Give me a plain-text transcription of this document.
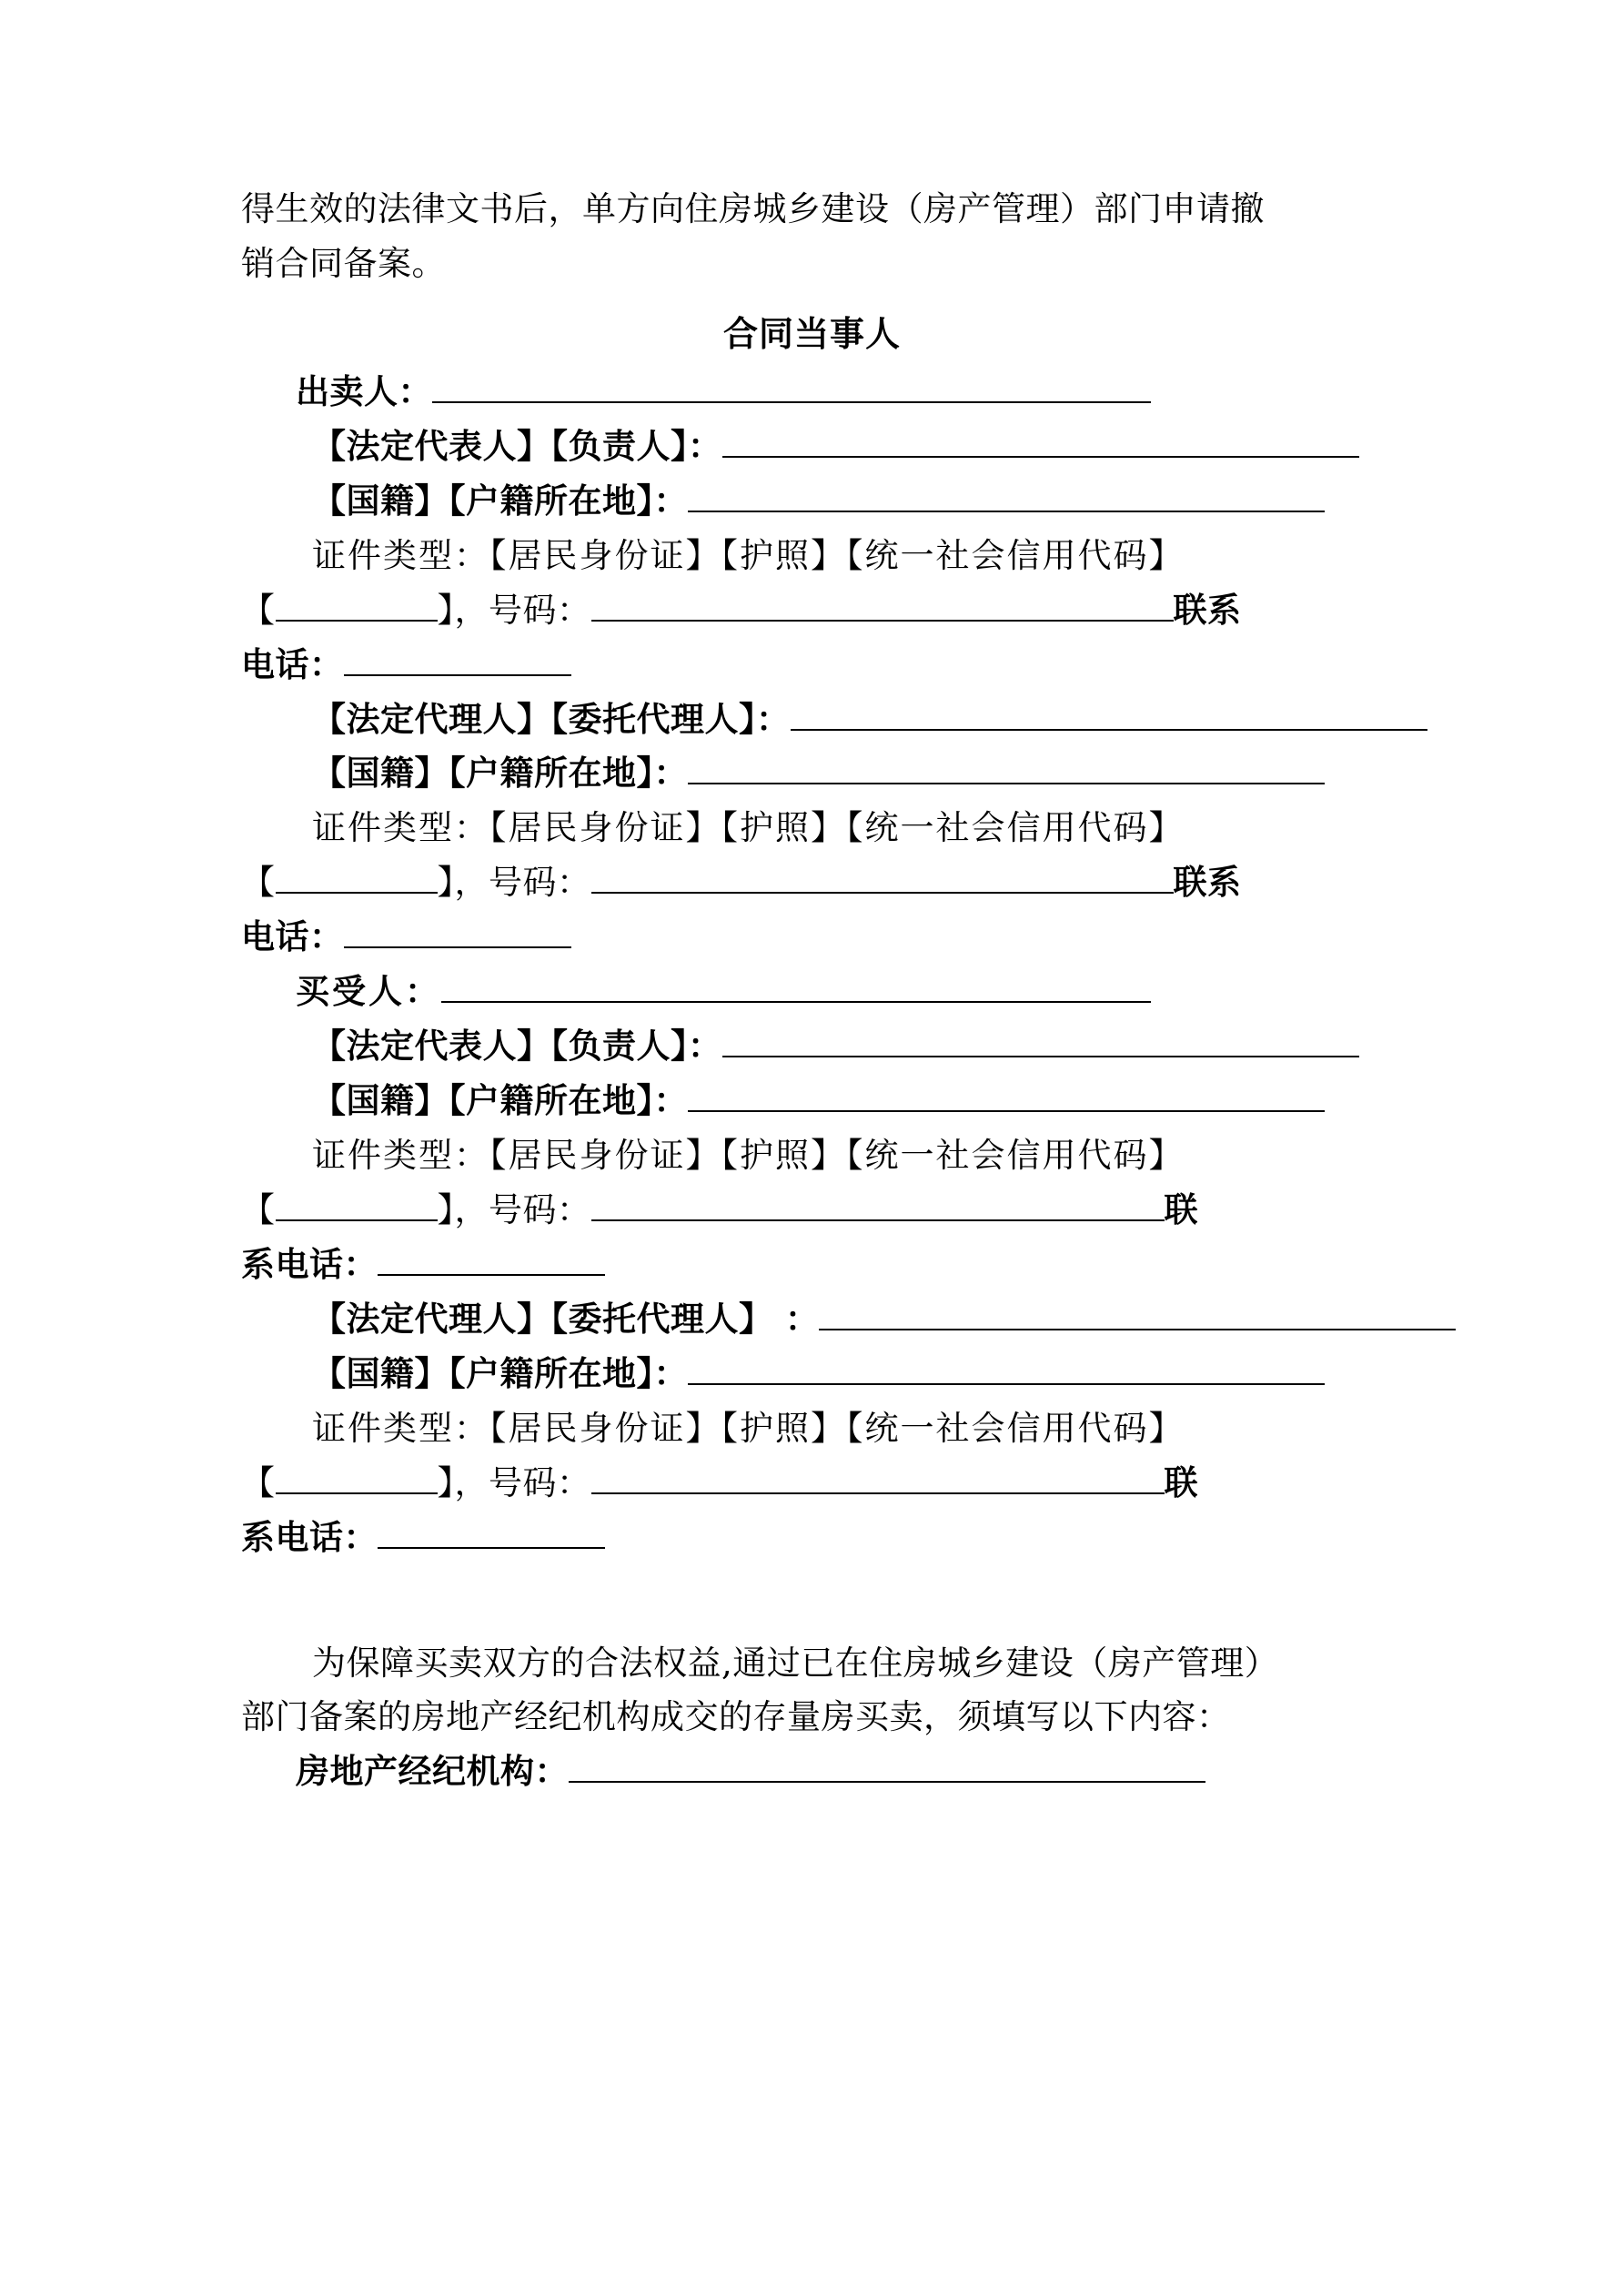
得生效的法律文书后，单方向住房城乡建设（房产管理）部门申请撤
销合同备案。
合同当事人
出卖人：
【法定代表人】【负责人】：
【国籍】【户籍所在地】：
证件类型：【居民身份证】【护照】【统一社会信用代码】
【	】，号码：	联系
电话：
【法定代理人】【委托代理人】：
【国籍】【户籍所在地】：
证件类型：【居民身份证】【护照】【统一社会信用代码】
【	】，号码：	联系
电话：
买受人：
【法定代表人】【负责人】：
【国籍】【户籍所在地】：
证件类型：【居民身份证】【护照】【统一社会信用代码】
【	】，号码：	联
系电话：
【法定代理人】【委托代理人】 ：
【国籍】【户籍所在地】：
证件类型：【居民身份证】【护照】【统一社会信用代码】
【	】，号码：	联
系电话：
为保障买卖双方的合法权益,通过已在住房城乡建设（房产管理）
部门备案的房地产经纪机构成交的存量房买卖，须填写以下内容：
房地产经纪机构：
